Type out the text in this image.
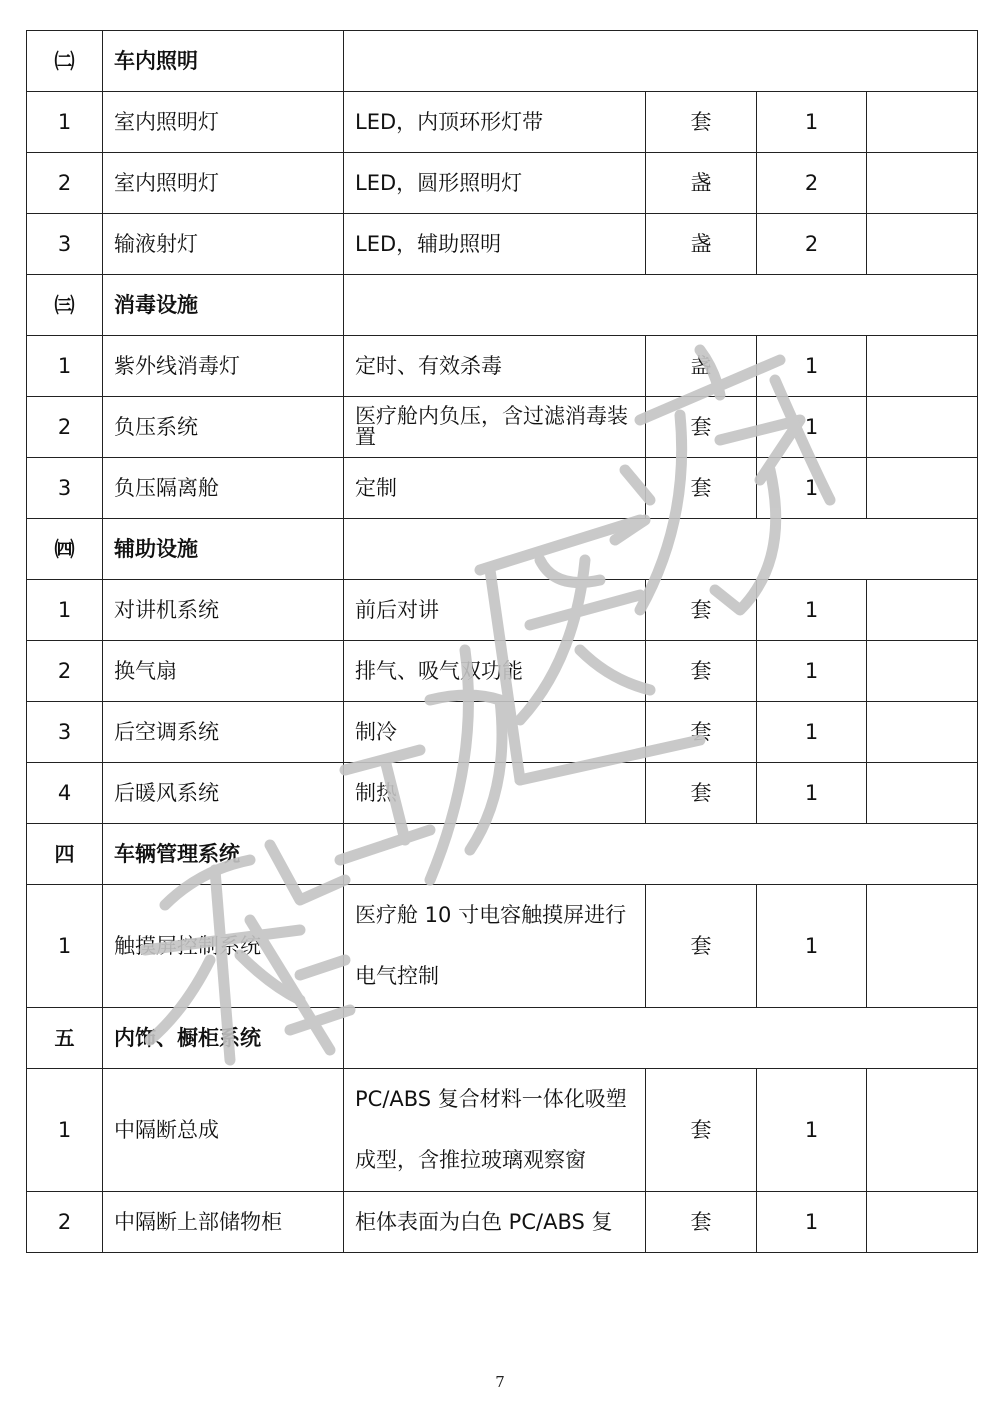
㈡	车内照明				
1	室内照明灯	LED，内顶环形灯带	套	1	
2	室内照明灯	LED，圆形照明灯	盏	2	
3	输液射灯	LED，辅助照明	盏	2	
㈢	消毒设施				
1	紫外线消毒灯	定时、有效杀毒	盏	1	
2	负压系统	医疗舱内负压，含过滤消毒装置	套	1	
3	负压隔离舱	定制	套	1	
㈣	辅助设施				
1	对讲机系统	前后对讲	套	1	
2	换气扇	排气、吸气双功能	套	1	
3	后空调系统	制冷	套	1	
4	后暖风系统	制热	套	1	
四	车辆管理系统				
1	触摸屏控制系统	医疗舱 10 寸电容触摸屏进行电气控制	套	1	
五	内饰、橱柜系统				
1	中隔断总成	PC/ABS 复合材料一体化吸塑成型，含推拉玻璃观察窗	套	1	
2	中隔断上部储物柜	柜体表面为白色 PC/ABS 复	套	1	
7
